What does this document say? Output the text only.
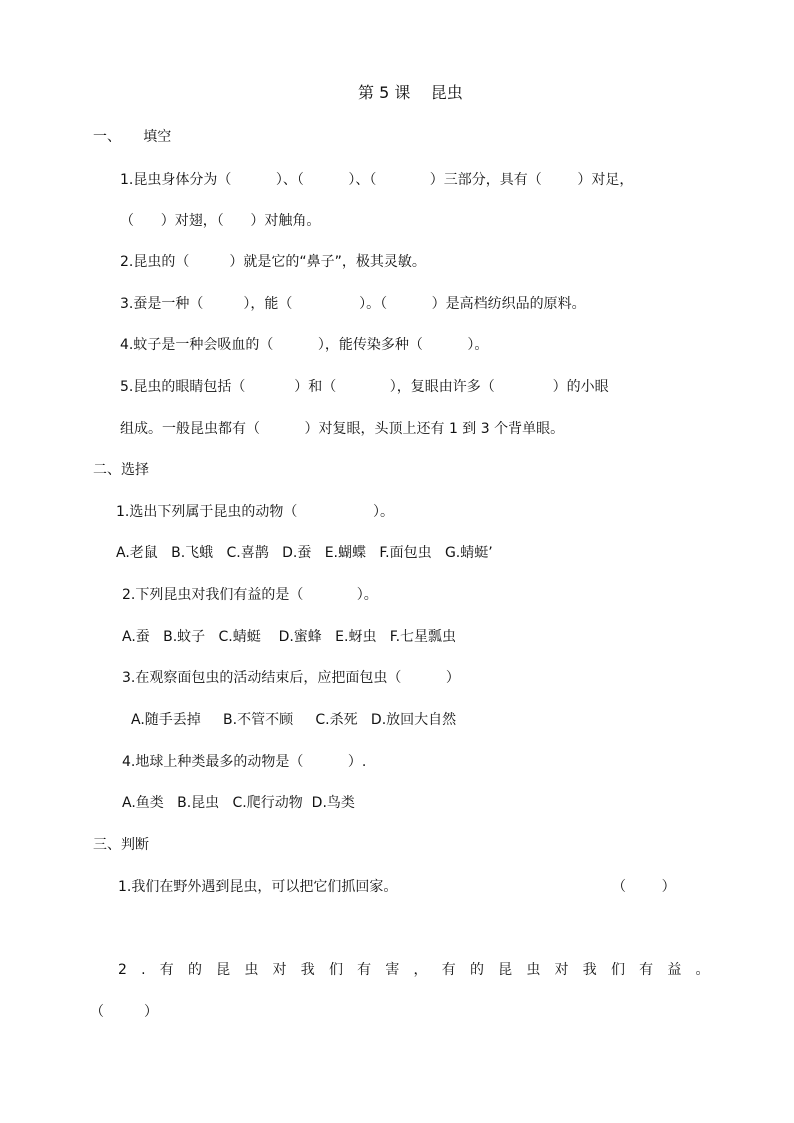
第 5 课    昆虫
一、     填空
1.昆虫身体分为（          ）、（          ）、（            ）三部分，具有（        ）对足，
（      ）对翅，（      ）对触角。
2.昆虫的（         ）就是它的“鼻子”，极其灵敏。
3.蚕是一种（         ），能（               ）。（          ）是高档纺织品的原料。
4.蚊子是一种会吸血的（          ），能传染多种（          ）。
5.昆虫的眼睛包括（           ）和（            ），复眼由许多（             ）的小眼
组成。一般昆虫都有（          ）对复眼，头顶上还有 1 到 3 个背单眼。
二、选择
1.选出下列属于昆虫的动物（                 ）。
A.老鼠   B.飞蛾   C.喜鹊   D.蚕   E.蝴蝶   F.面包虫   G.蜻蜓’
2.下列昆虫对我们有益的是（            ）。
A.蚕   B.蚊子   C.蜻蜓    D.蜜蜂   E.蚜虫   F.七星瓢虫
3.在观察面包虫的活动结束后，应把面包虫（          ）
A.随手丢掉     B.不管不顾     C.杀死   D.放回大自然
4.地球上种类最多的动物是（          ）.
A.鱼类   B.昆虫   C.爬行动物  D.鸟类
三、判断
1.我们在野外遇到昆虫，可以把它们抓回家。	（        ）
2.有的昆虫对我们有害，有的昆虫对我们有益。
（         ）
